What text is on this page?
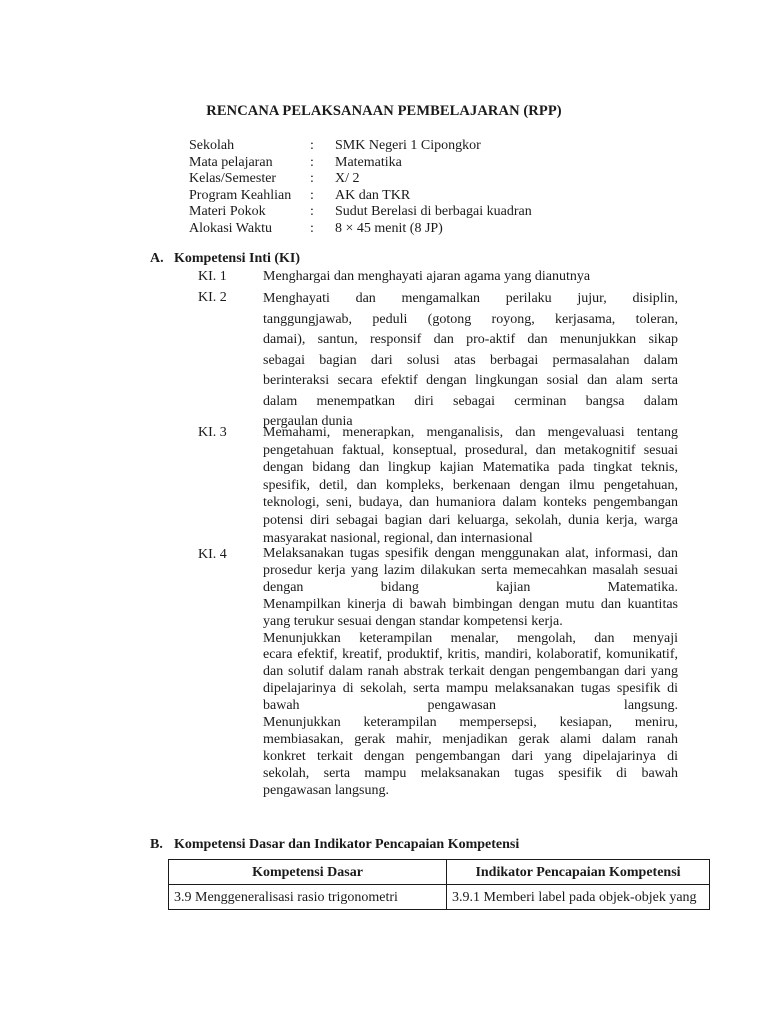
RENCANA PELAKSANAAN PEMBELAJARAN (RPP)
Sekolah	: SMK Negeri 1 Cipongkor
Mata pelajaran	: Matematika
Kelas/Semester : X/ 2
Program Keahlian : AK dan TKR
Materi Pokok	: Sudut Berelasi di berbagai kuadran
Alokasi Waktu	: 8 × 45 menit (8 JP)
A. Kompetensi Inti (KI)
KI. 1	Menghargai dan menghayati ajaran agama yang dianutnya
KI. 2	Menghayati dan mengamalkan perilaku jujur, disiplin,
tanggungjawab, peduli (gotong royong, kerjasama, toleran,
damai), santun, responsif dan pro-aktif dan menunjukkan sikap
sebagai bagian dari solusi atas berbagai permasalahan dalam
berinteraksi secara efektif dengan lingkungan sosial dan alam serta
dalam menempatkan diri sebagai cerminan bangsa dalam
pergaulan dunia
KI. 3	Memahami, menerapkan, menganalisis, dan mengevaluasi tentang
pengetahuan faktual, konseptual, prosedural, dan metakognitif sesuai
dengan bidang dan lingkup kajian Matematika pada tingkat teknis,
spesifik, detil, dan kompleks, berkenaan dengan ilmu pengetahuan,
teknologi, seni, budaya, dan humaniora dalam konteks pengembangan
potensi diri sebagai bagian dari keluarga, sekolah, dunia kerja, warga
masyarakat nasional, regional, dan internasional
KI. 4	Melaksanakan tugas spesifik dengan menggunakan alat, informasi, dan
prosedur kerja yang lazim dilakukan serta memecahkan masalah sesuai
dengan bidang kajian Matematika.
Menampilkan kinerja di bawah bimbingan dengan mutu dan kuantitas
yang terukur sesuai dengan standar kompetensi kerja.
Menunjukkan keterampilan menalar, mengolah, dan menyaji
ecara efektif, kreatif, produktif, kritis, mandiri, kolaboratif, komunikatif,
dan solutif dalam ranah abstrak terkait dengan pengembangan dari yang
dipelajarinya di sekolah, serta mampu melaksanakan tugas spesifik di
bawah pengawasan langsung.
Menunjukkan keterampilan mempersepsi, kesiapan, meniru,
membiasakan, gerak mahir, menjadikan gerak alami dalam ranah
konkret terkait dengan pengembangan dari yang dipelajarinya di
sekolah, serta mampu melaksanakan tugas spesifik di bawah
pengawasan langsung.
B. Kompetensi Dasar dan Indikator Pencapaian Kompetensi
Kompetensi Dasar	Indikator Pencapaian Kompetensi
3.9 Menggeneralisasi rasio trigonometri	3.9.1 Memberi label pada objek-objek yang
